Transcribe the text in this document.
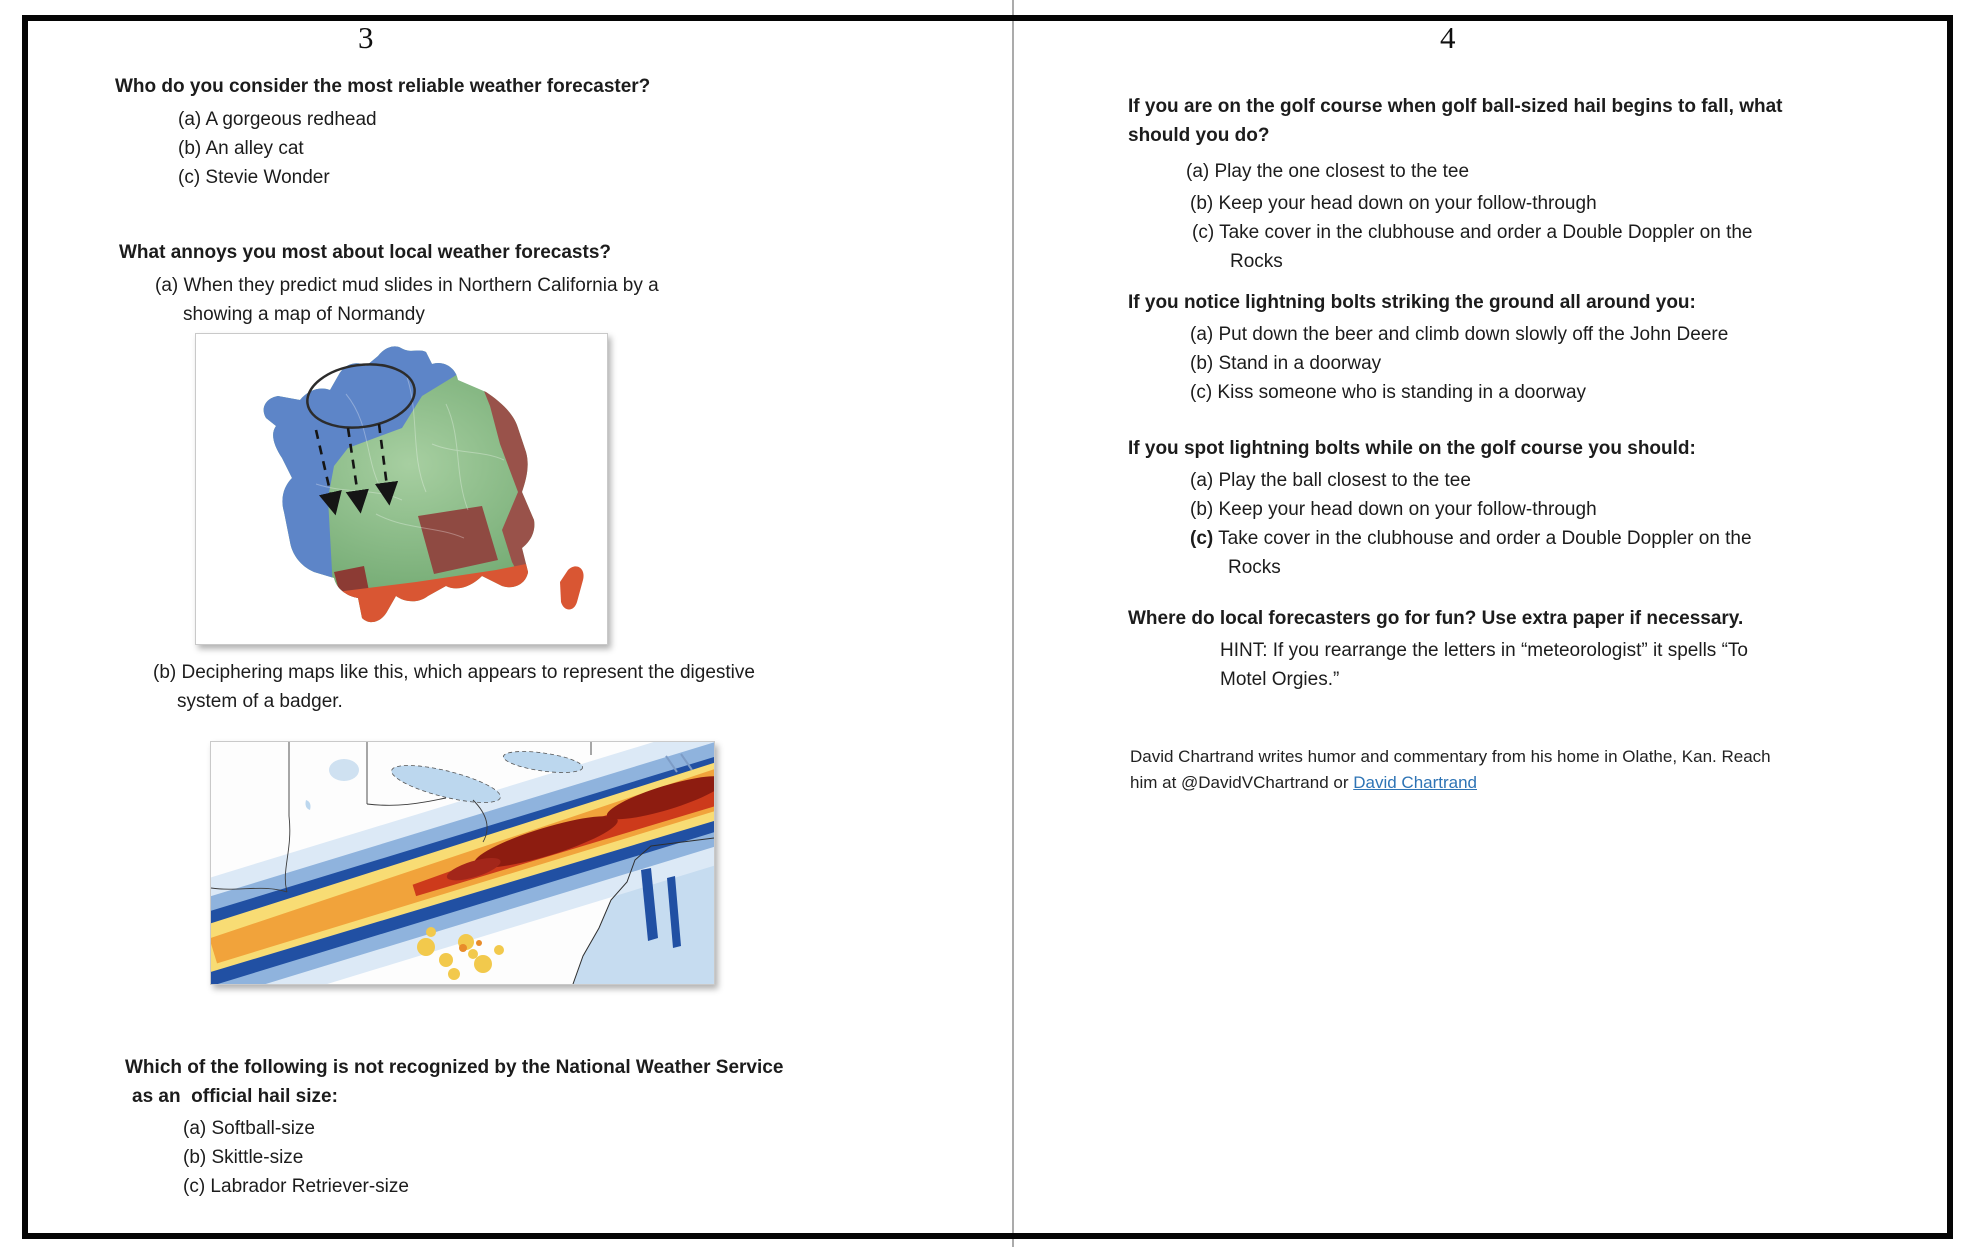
3
Who do you consider the most reliable weather forecaster?
(a) A gorgeous redhead
(b) An alley cat
(c) Stevie Wonder
What annoys you most about local weather forecasts?
(a) When they predict mud slides in Northern California by a
showing a map of Normandy
(b) Deciphering maps like this, which appears to represent the digestive
system of a badger.
Which of the following is not recognized by the National Weather Service
as an  official hail size:
(a) Softball-size
(b) Skittle-size
(c) Labrador Retriever-size
4
If you are on the golf course when golf ball-sized hail begins to fall, what
should you do?
(a) Play the one closest to the tee
(b) Keep your head down on your follow-through
(c) Take cover in the clubhouse and order a Double Doppler on the
Rocks
If you notice lightning bolts striking the ground all around you:
(a) Put down the beer and climb down slowly off the John Deere
(b) Stand in a doorway
(c) Kiss someone who is standing in a doorway
If you spot lightning bolts while on the golf course you should:
(a) Play the ball closest to the tee
(b) Keep your head down on your follow-through
(c) Take cover in the clubhouse and order a Double Doppler on the
Rocks
Where do local forecasters go for fun? Use extra paper if necessary.
HINT: If you rearrange the letters in “meteorologist” it spells “To
Motel Orgies.”
David Chartrand writes humor and commentary from his home in Olathe, Kan. Reach
him at @DavidVChartrand or David Chartrand
